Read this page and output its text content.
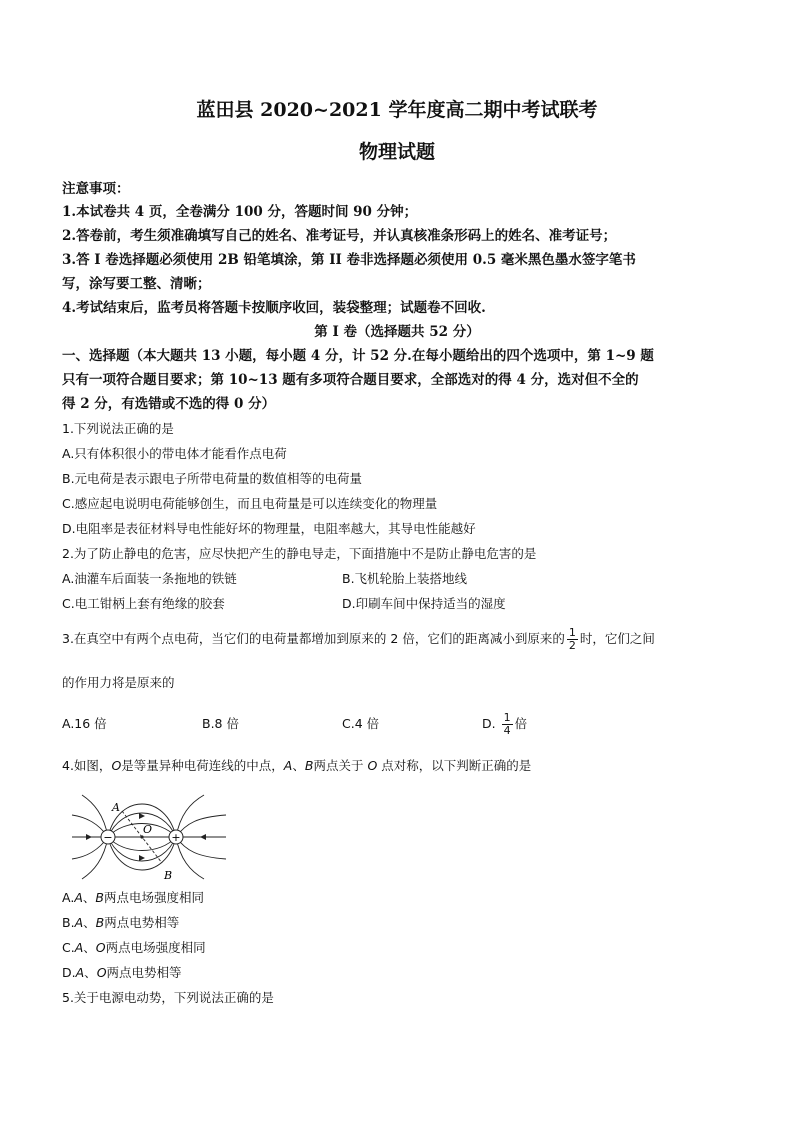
蓝田县 2020~2021 学年度高二期中考试联考

物理试题

注意事项：

1.本试卷共 4 页，全卷满分 100 分，答题时间 90 分钟；

2.答卷前，考生须准确填写自己的姓名、准考证号，并认真核准条形码上的姓名、准考证号；

3.答 I 卷选择题必须使用 2B 铅笔填涂，第 II 卷非选择题必须使用 0.5 毫米黑色墨水签字笔书

写，涂写要工整、清晰；

4.考试结束后，监考员将答题卡按顺序收回，装袋整理；试题卷不回收.

第 I 卷（选择题共 52 分）

一、选择题（本大题共 13 小题，每小题 4 分，计 52 分.在每小题给出的四个选项中，第 1~9 题

只有一项符合题目要求；第 10~13 题有多项符合题目要求，全部选对的得 4 分，选对但不全的

得 2 分，有选错或不选的得 0 分）

1.下列说法正确的是

A.只有体积很小的带电体才能看作点电荷

B.元电荷是表示跟电子所带电荷量的数值相等的电荷量

C.感应起电说明电荷能够创生，而且电荷量是可以连续变化的物理量

D.电阻率是表征材料导电性能好坏的物理量，电阻率越大，其导电性能越好

2.为了防止静电的危害，应尽快把产生的静电导走，下面措施中不是防止静电危害的是

A.油灌车后面装一条拖地的铁链	B.飞机轮胎上装搭地线
C.电工钳柄上套有绝缘的胶套	D.印刷车间中保持适当的湿度
3.在真空中有两个点电荷，当它们的电荷量都增加到原来的 2 倍，它们的距离减小到原来的 $\frac{1}{2}$ 时，它们之间

的作用力将是原来的

A.16 倍	B.8 倍	C.4 倍	D.
$\frac{1}{4}$ 倍

4.如图，O是等量异种电荷连线的中点，A、B两点关于 O 点对称，以下判断正确的是

−	+
O
A
B

A.A、B两点电场强度相同

B.A、B两点电势相等

C.A、O两点电场强度相同

D.A、O两点电势相等

5.关于电源电动势，下列说法正确的是
